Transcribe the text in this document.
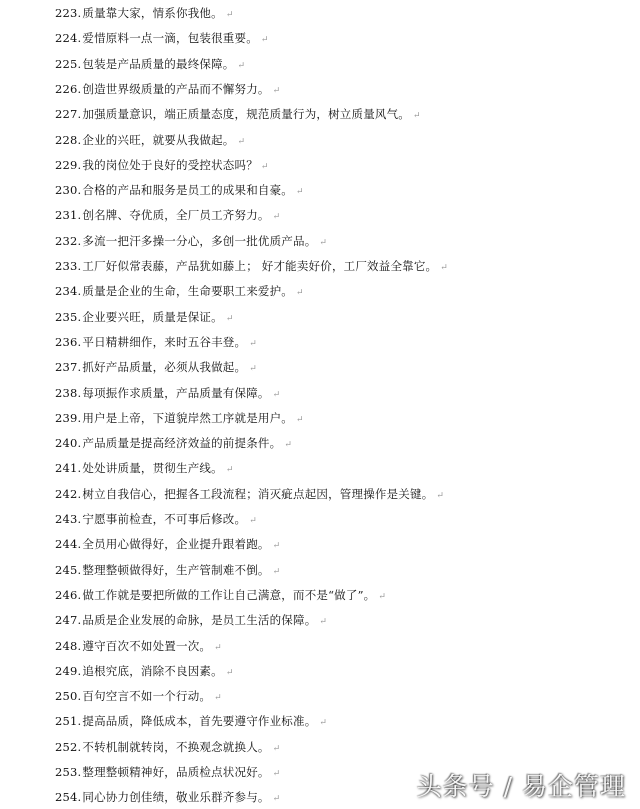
223.质量靠大家，情系你我他。 ↵
224.爱惜原料一点一滴，包装很重要。 ↵
225.包装是产品质量的最终保障。 ↵
226.创造世界级质量的产品而不懈努力。 ↵
227.加强质量意识，端正质量态度，规范质量行为，树立质量风气。 ↵
228.企业的兴旺，就要从我做起。 ↵
229.我的岗位处于良好的受控状态吗？ ↵
230.合格的产品和服务是员工的成果和自豪。 ↵
231.创名牌、夺优质，全厂员工齐努力。 ↵
232.多流一把汗多操一分心，多创一批优质产品。 ↵
233.工厂好似常表藤，产品犹如藤上； 好才能卖好价，工厂效益全靠它。 ↵
234.质量是企业的生命，生命要职工来爱护。 ↵
235.企业要兴旺，质量是保证。 ↵
236.平日精耕细作，来时五谷丰登。 ↵
237.抓好产品质量，必须从我做起。 ↵
238.每项振作求质量，产品质量有保障。 ↵
239.用户是上帝，下道貌岸然工序就是用户。 ↵
240.产品质量是提高经济效益的前提条件。 ↵
241.处处讲质量，贯彻生产线。 ↵
242.树立自我信心，把握各工段流程；消灭疵点起因，管理操作是关键。 ↵
243.宁愿事前检查，不可事后修改。 ↵
244.全员用心做得好，企业提升跟着跑。 ↵
245.整理整顿做得好，生产管制难不倒。 ↵
246.做工作就是要把所做的工作让自己满意，而不是“做了”。 ↵
247.品质是企业发展的命脉，是员工生活的保障。 ↵
248.遵守百次不如处置一次。 ↵
249.追根究底，消除不良因素。 ↵
250.百句空言不如一个行动。 ↵
251.提高品质，降低成本，首先要遵守作业标准。 ↵
252.不转机制就转岗，不换观念就换人。 ↵
253.整理整顿精神好，品质检点状况好。 ↵
254.同心协力创佳绩，敬业乐群齐参与。 ↵	头条号 / 易企管理
